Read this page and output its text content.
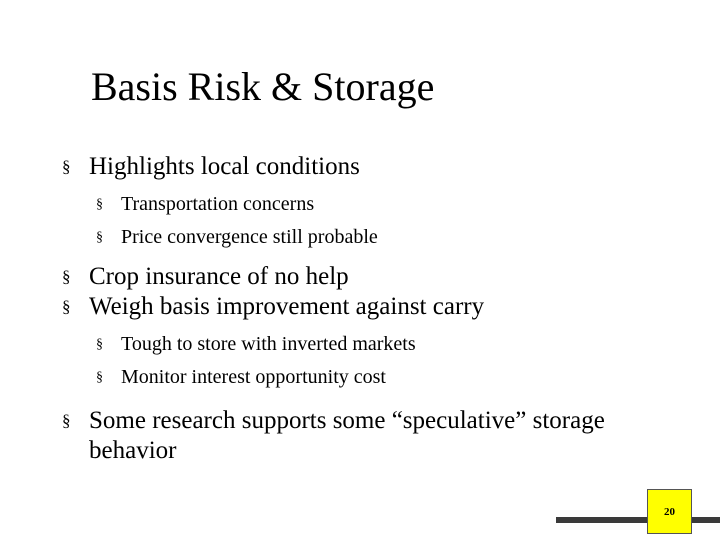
Basis Risk & Storage
§ Highlights local conditions
§ Transportation concerns
§ Price convergence still probable
§ Crop insurance of no help
§ Weigh basis improvement against carry
§ Tough to store with inverted markets
§ Monitor interest opportunity cost
§ Some research supports some “speculative” storage behavior
20
